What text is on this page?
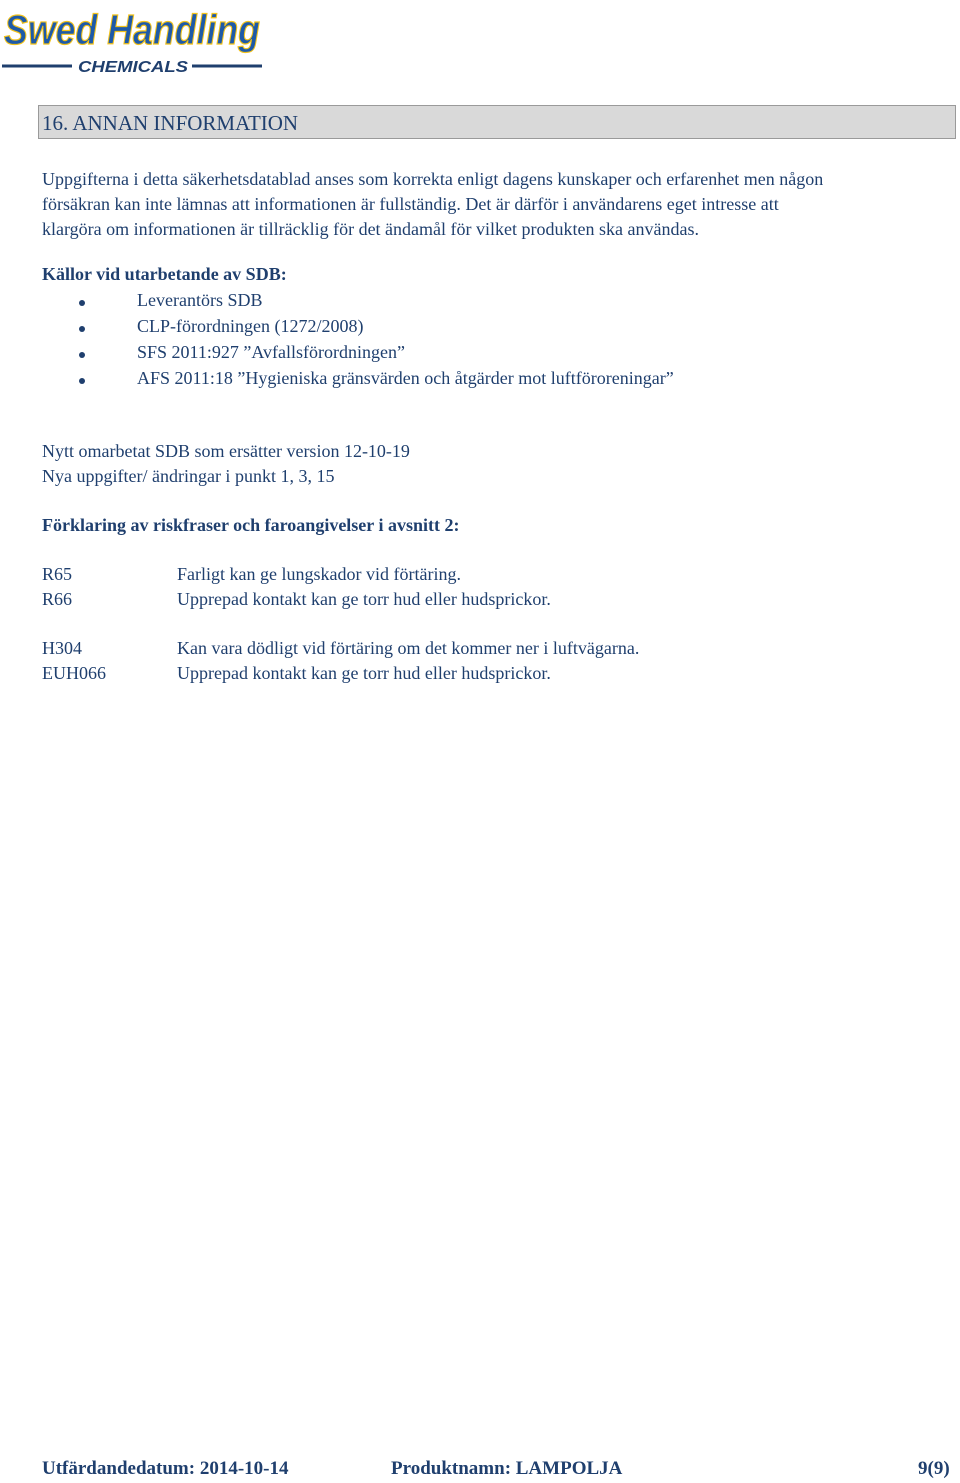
Swed Handling
CHEMICALS
16. ANNAN INFORMATION
Uppgifterna i detta säkerhetsdatablad anses som korrekta enligt dagens kunskaper och erfarenhet men någon
försäkran kan inte lämnas att informationen är fullständig. Det är därför i användarens eget intresse att
klargöra om informationen är tillräcklig för det ändamål för vilket produkten ska användas.
Källor vid utarbetande av SDB:
Leverantörs SDB
CLP-förordningen (1272/2008)
SFS 2011:927 ”Avfallsförordningen”
AFS 2011:18 ”Hygieniska gränsvärden och åtgärder mot luftföroreningar”
Nytt omarbetat SDB som ersätter version 12-10-19
Nya uppgifter/ ändringar i punkt 1, 3, 15
Förklaring av riskfraser och faroangivelser i avsnitt 2:
R65	Farligt kan ge lungskador vid förtäring.
R66	Upprepad kontakt kan ge torr hud eller hudsprickor.
H304	Kan vara dödligt vid förtäring om det kommer ner i luftvägarna.
EUH066	Upprepad kontakt kan ge torr hud eller hudsprickor.
Utfärdandedatum: 2014-10-14	Produktnamn: LAMPOLJA	9(9)
